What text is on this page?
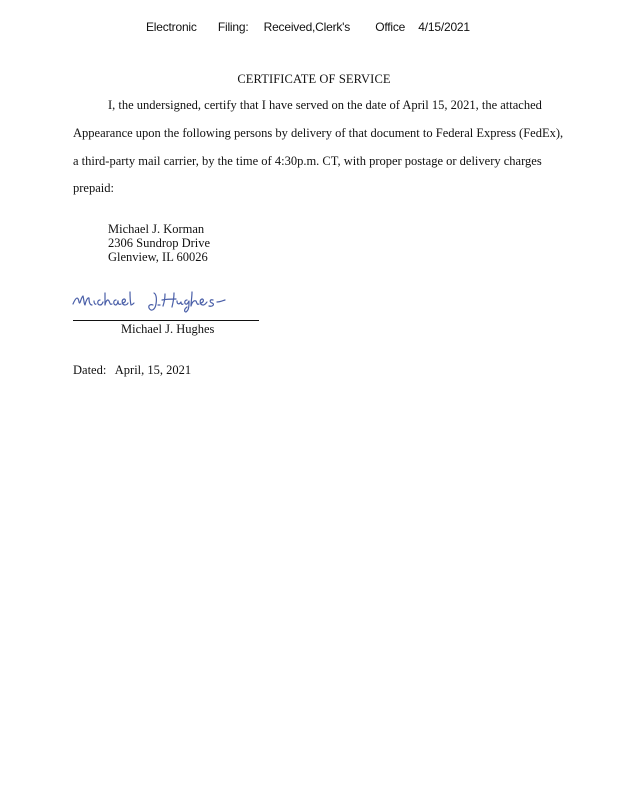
Electronic Filing: Received,Clerk's Office 4/15/2021
CERTIFICATE OF SERVICE
I, the undersigned, certify that I have served on the date of April 15, 2021, the attached
Appearance upon the following persons by delivery of that document to Federal Express (FedEx),
a third-party mail carrier, by the time of 4:30p.m. CT, with proper postage or delivery charges
prepaid:
Michael J. Korman
2306 Sundrop Drive
Glenview, IL 60026
Michael J. Hughes
Dated: April, 15, 2021
